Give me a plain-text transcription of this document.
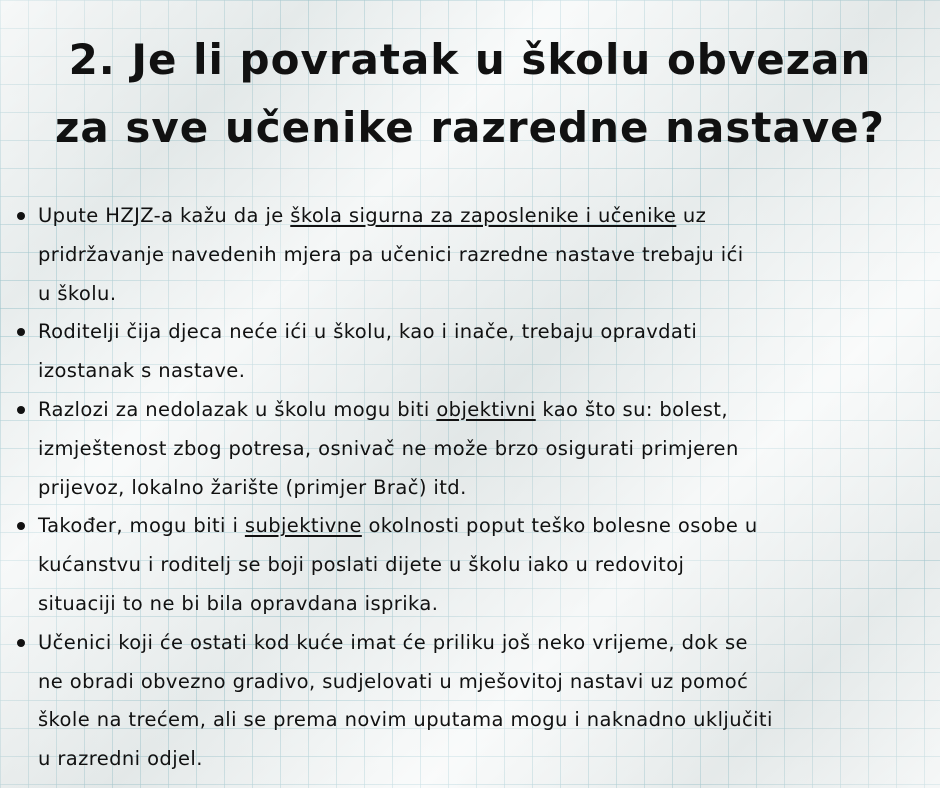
2. Je li povratak u školu obvezan
za sve učenike razredne nastave?
Upute HZJZ-a kažu da je škola sigurna za zaposlenike i učenike uz
pridržavanje navedenih mjera pa učenici razredne nastave trebaju ići
u školu.
Roditelji čija djeca neće ići u školu, kao i inače, trebaju opravdati
izostanak s nastave.
Razlozi za nedolazak u školu mogu biti objektivni kao što su: bolest,
izmještenost zbog potresa, osnivač ne može brzo osigurati primjeren
prijevoz, lokalno žarište (primjer Brač) itd.
Također, mogu biti i subjektivne okolnosti poput teško bolesne osobe u
kućanstvu i roditelj se boji poslati dijete u školu iako u redovitoj
situaciji to ne bi bila opravdana isprika.
Učenici koji će ostati kod kuće imat će priliku još neko vrijeme, dok se
ne obradi obvezno gradivo, sudjelovati u mješovitoj nastavi uz pomoć
škole na trećem, ali se prema novim uputama mogu i naknadno uključiti
u razredni odjel.
